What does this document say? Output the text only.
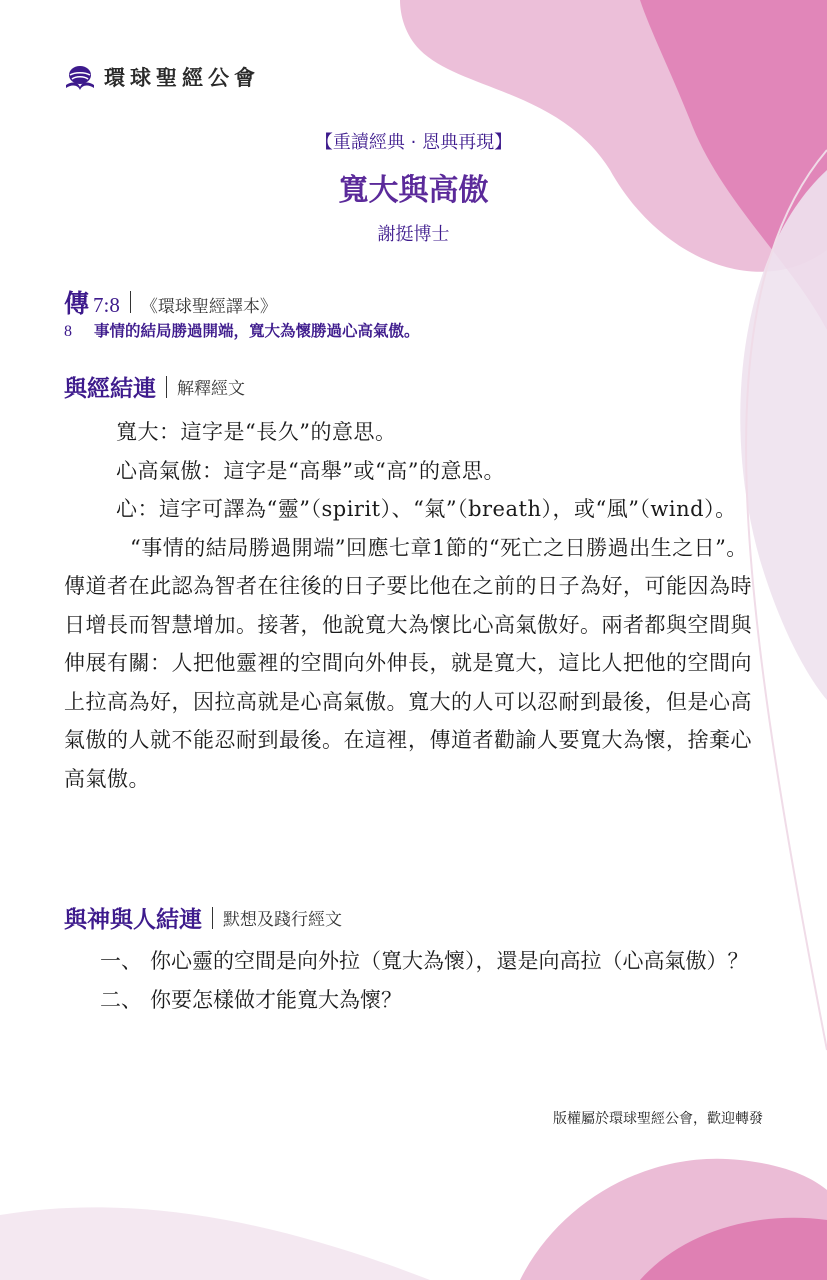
環球聖經公會
【重讀經典 · 恩典再現】
寬大與高傲
謝挺博士
傳 7:8 《環球聖經譯本》
8 事情的結局勝過開端，寬大為懷勝過心高氣傲。
與經結連 解釋經文

寬大：這字是“長久”的意思。

心高氣傲：這字是“高舉”或“高”的意思。

心：這字可譯為“靈”（spirit）、“氣”（breath），或“風”（wind）。

“事情的結局勝過開端”回應七章1節的“死亡之日勝過出生之日”。傳道者在此認為智者在往後的日子要比他在之前的日子為好，可能因為時日增長而智慧增加。接著，他說寬大為懷比心高氣傲好。兩者都與空間與伸展有關：人把他靈裡的空間向外伸長，就是寬大，這比人把他的空間向上拉高為好，因拉高就是心高氣傲。寬大的人可以忍耐到最後，但是心高氣傲的人就不能忍耐到最後。在這裡，傳道者勸諭人要寬大為懷，捨棄心高氣傲。

與神與人結連 默想及踐行經文
一、 你心靈的空間是向外拉（寬大為懷），還是向高拉（心高氣傲）？
二、 你要怎樣做才能寬大為懷？
版權屬於環球聖經公會，歡迎轉發
